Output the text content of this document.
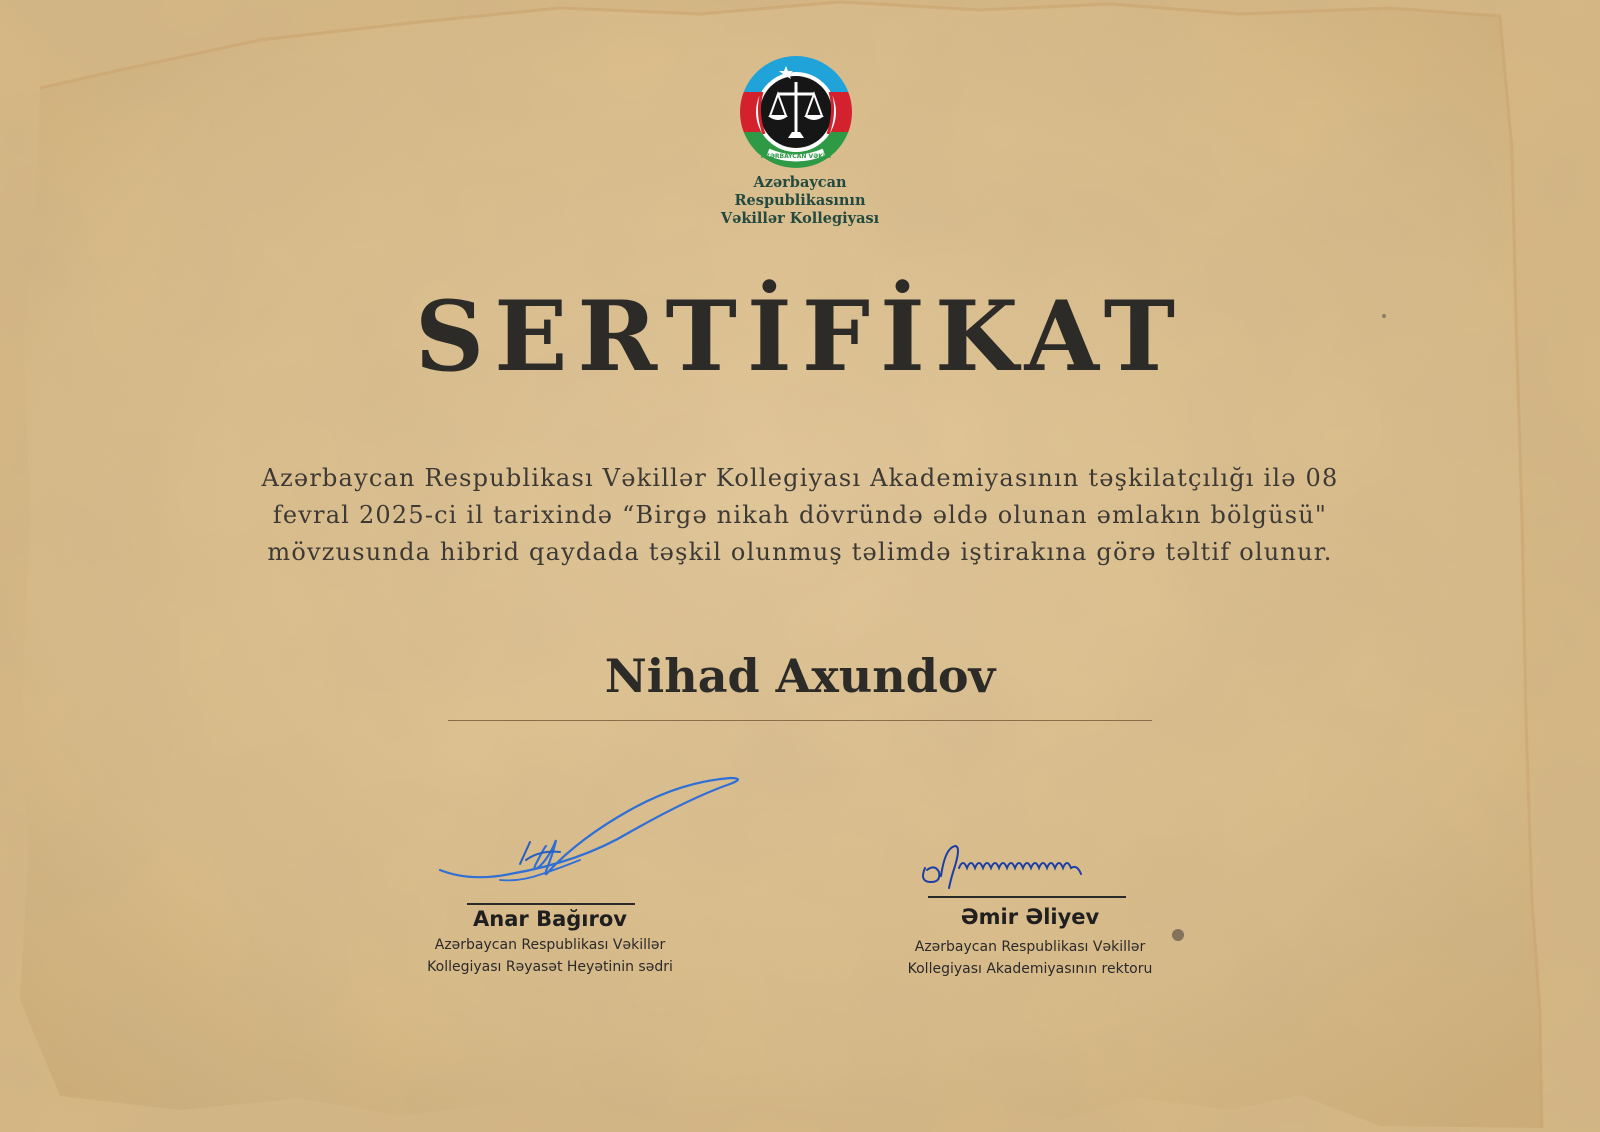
AZƏRBAYCAN VƏKİLİ
Azərbaycan
Respublikasının
Vəkillər Kollegiyası
SERTİFİKAT
Azərbaycan Respublikası Vəkillər Kollegiyası Akademiyasının təşkilatçılığı ilə 08
fevral 2025-ci il tarixində “Birgə nikah dövründə əldə olunan əmlakın bölgüsü"
mövzusunda hibrid qaydada təşkil olunmuş təlimdə iştirakına görə təltif olunur.
Nihad Axundov
Anar Bağırov
Azərbaycan Respublikası Vəkillər
Kollegiyası Rəyasət Heyətinin sədri
Əmir Əliyev
Azərbaycan Respublikası Vəkillər
Kollegiyası Akademiyasının rektoru
